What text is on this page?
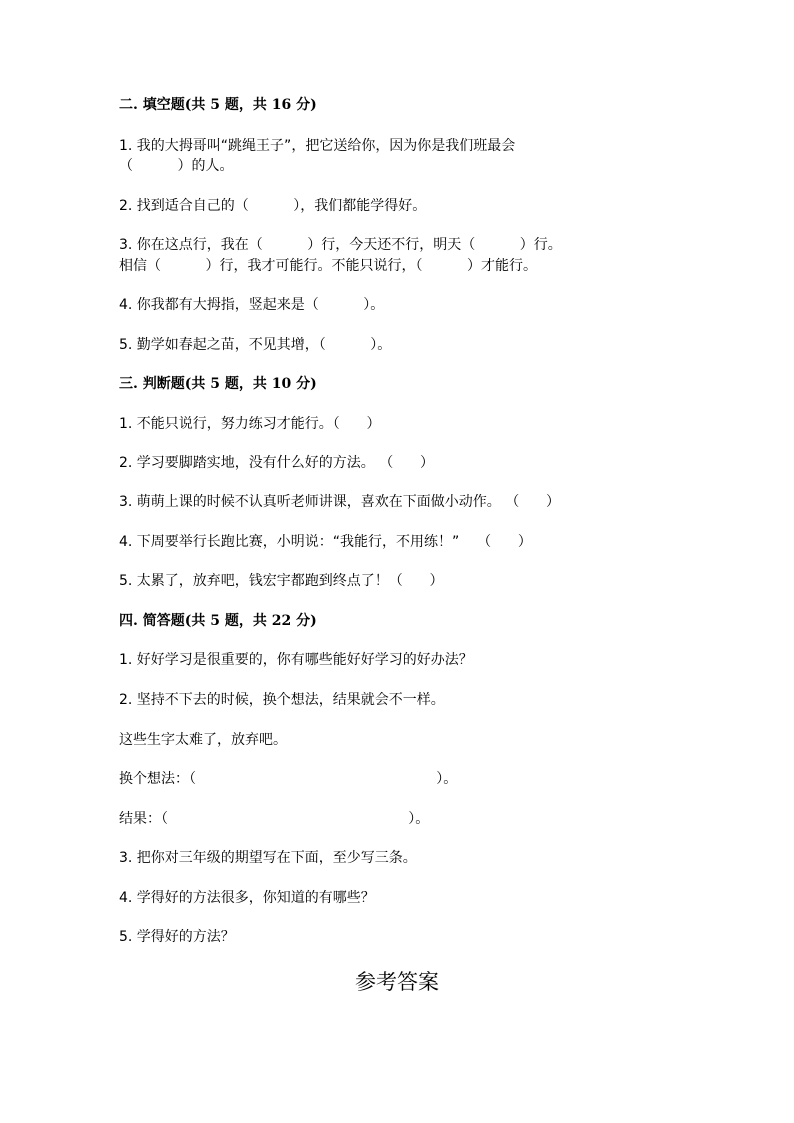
二. 填空题(共 5 题，共 16 分)
1. 我的大拇哥叫“跳绳王子”，把它送给你，因为你是我们班最会
（          ）的人。
2. 找到适合自己的（          ），我们都能学得好。
3. 你在这点行，我在（          ）行，今天还不行，明天（          ）行。
相信（          ）行，我才可能行。不能只说行，（          ）才能行。
4. 你我都有大拇指，竖起来是（          ）。
5. 勤学如春起之苗，不见其增，（          ）。
三. 判断题(共 5 题，共 10 分)
1. 不能只说行，努力练习才能行。（      ）
2. 学习要脚踏实地，没有什么好的方法。 （      ）
3. 萌萌上课的时候不认真听老师讲课，喜欢在下面做小动作。 （      ）
4. 下周要举行长跑比赛，小明说：“我能行，不用练！”    （      ）
5. 太累了，放弃吧，钱宏宇都跑到终点了！（      ）
四. 简答题(共 5 题，共 22 分)
1. 好好学习是很重要的，你有哪些能好好学习的好办法？
2. 坚持不下去的时候，换个想法，结果就会不一样。
这些生字太难了，放弃吧。
换个想法：（                                                      ）。
结果：（                                                      ）。
3. 把你对三年级的期望写在下面，至少写三条。
4. 学得好的方法很多，你知道的有哪些？
5. 学得好的方法？
参考答案
